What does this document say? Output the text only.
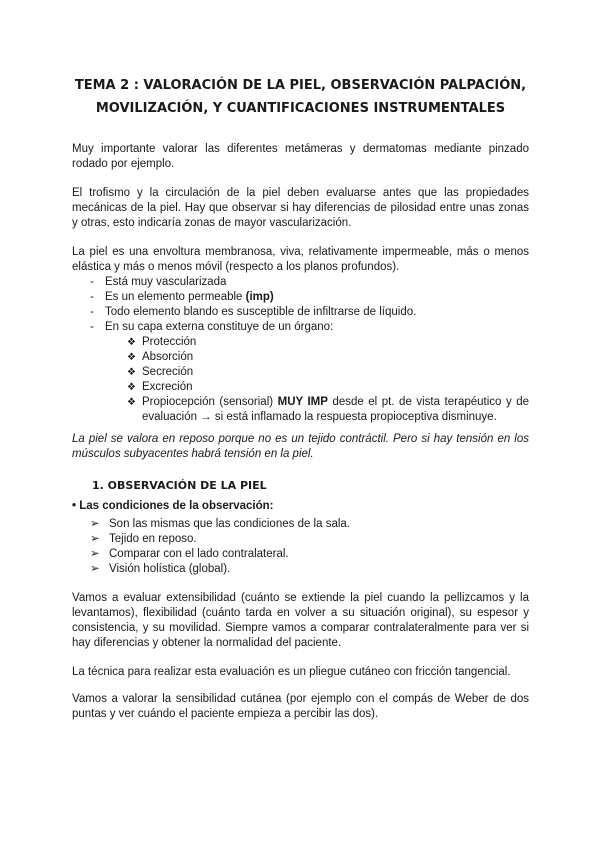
TEMA 2 : VALORACIÓN DE LA PIEL, OBSERVACIÓN PALPACIÓN,
MOVILIZACIÓN, Y CUANTIFICACIONES INSTRUMENTALES

Muy importante valorar las diferentes metámeras y dermatomas mediante pinzado rodado por ejemplo.

El trofismo y la circulación de la piel deben evaluarse antes que las propiedades mecánicas de la piel. Hay que observar si hay diferencias de pilosidad entre unas zonas y otras, esto indicaría zonas de mayor vascularización.

La piel es una envoltura membranosa, viva, relativamente impermeable, más o menos elástica y más o menos móvil (respecto a los planos profundos).

- Está muy vascularizada
- Es un elemento permeable (imp)
- Todo elemento blando es susceptible de infiltrarse de líquido.
- En su capa externa constituye de un órgano:
❖ Protección
❖ Absorción
❖ Secreción
❖ Excreción
❖ Propiocepción (sensorial) MUY IMP desde el pt. de vista terapéutico y de evaluación → si está inflamado la respuesta propioceptiva disminuye.

La piel se valora en reposo porque no es un tejido contráctil. Pero si hay tensión en los músculos subyacentes habrá tensión en la piel.

1. OBSERVACIÓN DE LA PIEL
• Las condiciones de la observación:
➢ Son las mismas que las condiciones de la sala.
➢ Tejido en reposo.
➢ Comparar con el lado contralateral.
➢ Visión holística (global).

Vamos a evaluar extensibilidad (cuánto se extiende la piel cuando la pellizcamos y la levantamos), flexibilidad (cuánto tarda en volver a su situación original), su espesor y consistencia, y su movilidad. Siempre vamos a comparar contralateralmente para ver si hay diferencias y obtener la normalidad del paciente.

La técnica para realizar esta evaluación es un pliegue cutáneo con fricción tangencial.

Vamos a valorar la sensibilidad cutánea (por ejemplo con el compás de Weber de dos puntas y ver cuándo el paciente empieza a percibir las dos).
